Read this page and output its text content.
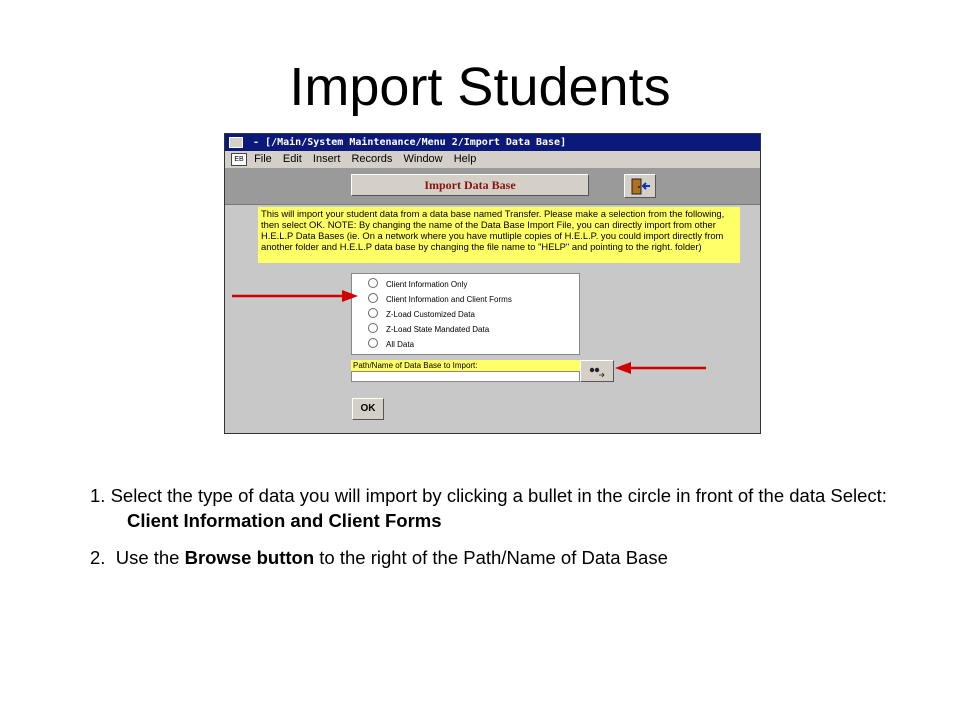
Import Students
- [/Main/System Maintenance/Menu 2/Import Data Base]
EB File Edit Insert Records Window Help
Import Data Base
This will import your student data from a data base named Transfer. Please make a selection from the following, then select OK. NOTE: By changing the name of the Data Base Import File, you can directly import from other H.E.L.P Data Bases (ie. On a network where you have mutliple copies of H.E.L.P. you could import directly from another folder and H.E.L.P data base by changing the file name to "HELP" and pointing to the right. folder)
Client Information Only
Client Information and Client Forms
Z-Load Customized Data
Z-Load State Mandated Data
All Data
Path/Name of Data Base to Import:
OK
1. Select the type of data you will import by clicking a bullet in the circle in front of the data Select: Client Information and Client Forms
2. Use the Browse button to the right of the Path/Name of Data Base
